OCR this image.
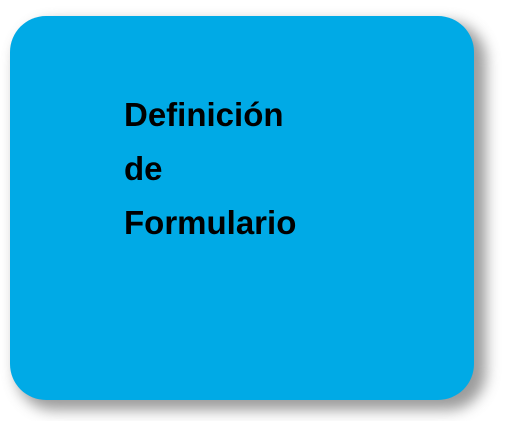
Definición
de
Formulario
